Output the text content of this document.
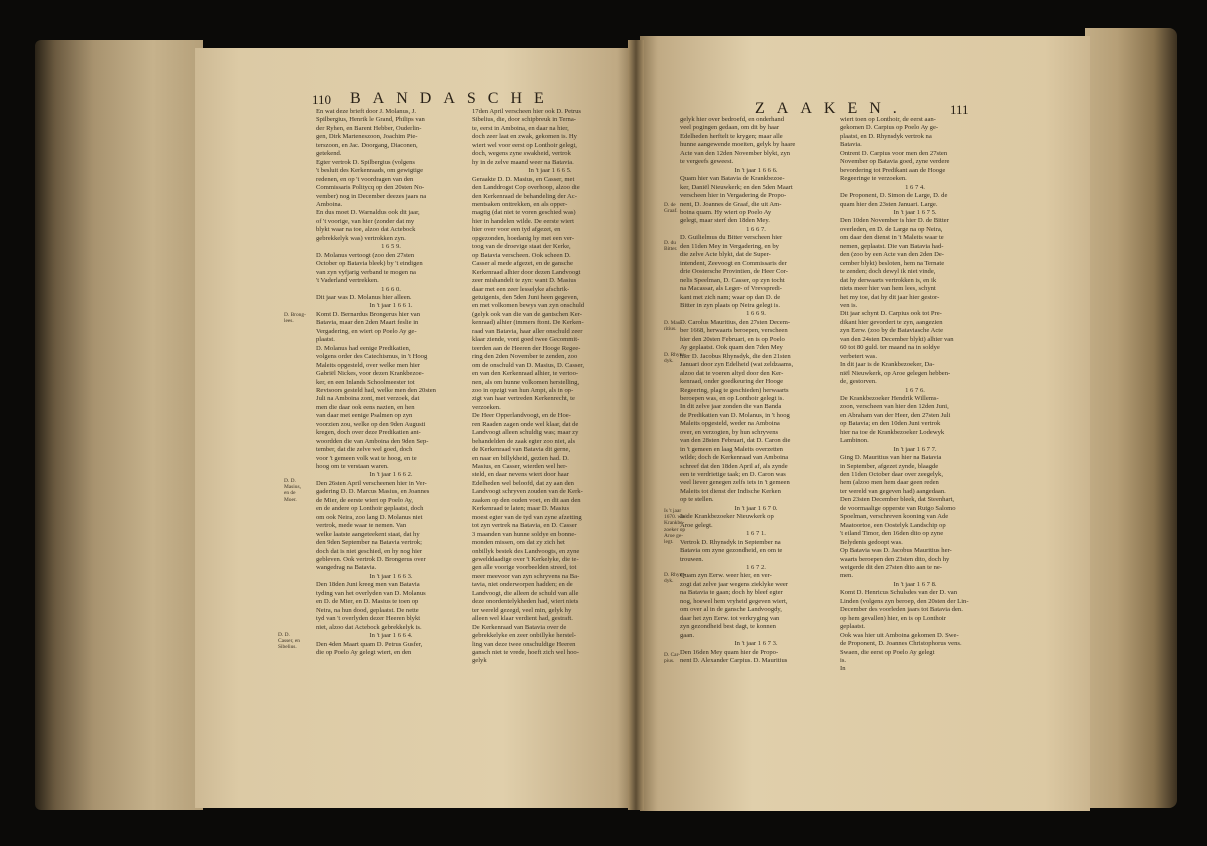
110 BANDASCHE
ZAAKEN.	111

En wat deze brieft door J. Molanus, J.

Spilbergius, Henrik le Grand, Philips van

der Ryhen, en Barent Hebber, Ouderlin-

gen, Dirk Marteneszoon, Joachim Pie-

terszoon, en Jac. Doorgang, Diaconen,

getekend.

Egter vertrok D. Spilbergius (volgens

't besluit des Kerkenraads, om gewigtige

redenen, en op 't voordragen van den

Commissaris Politycq op den 20sten No-

vember) nog in December deezes jaars na

Amboina.

En dus moet D. Warnaldus ook dit jaar,

of 't voorige, van hier (zonder dat my

blykt waar na toe, alzoo dat Actebock

gebrekkelyk was) vertrokken zyn.

1 6 5 9.

D. Molanus vertoogt (zoo den 27sten

October op Batavia bleek) by 't eindigen

van zyn vyfjarig verband te mogen na

't Vaderland vertrekken.

1 6 6 0.

Dit jaar was D. Molanus hier alleen.

In 't jaar 1 6 6 1.

Komt D. Bernardus Brongerus hier van

Batavia, maar den 2den Maart feslie in

Vergadering, en wiert op Poelo Ay ge-

plaatst.

D. Molanus had eenige Predikatien,

volgens order des Catechismus, in 't Hoog

Maleits opgesteld, over welke men hier

Gabriël Nickes, voor dezen Krankbezoe-

ker, en een Inlands Schoolmeester tot

Revisoors gesteld had, welke men den 20sten

Juli na Amboina zont, met verzoek, dat

men die daar ook eens nazien, en hen

van daar met eenige Psalmen op zyn

voorzien zou, welke op den 9den Augusti

kregen, doch over deze Predikatien ant-

woordden die van Amboina den 9den Sep-

tember, dat die zelve wel goed, doch

voor 't gemeen volk wat te hoog, en te

hoog om te verstaan waren.

In 't jaar 1 6 6 2.

Den 26sten April verscheenen hier in Ver-

gadering D. D. Marcus Masius, en Joannes

de Mier, de eerste wiert op Poelo Ay,

en de andere op Lonthoir geplaatst, doch

om ook Neira, zoo lang D. Molanus niet

vertrok, mede waar te nemen. Van

welke laatste aangeteekent staat, dat hy

den 9den September na Batavia vertrok;

doch dat is niet geschied, en hy nog hier

gebleven. Ook vertrok D. Brongerus over

wangedrag na Batavia.

In 't jaar 1 6 6 3.

Den 18den Juni kreeg men van Batavia

tyding van het overlyden van D. Molanus

en D. de Mier, en D. Masius te toen op

Neira, na hun dood, geplaatst. De nette

tyd van 't overlyden dezer Heeren blykt

niet, alzoo dat Actebock gebrekkelyk is.

In 't jaar 1 6 6 4.

Den 4den Maart quam D. Petrus Gusfer,

die op Poelo Ay gelegt wiert, en den

17den April verscheen hier ook D. Petrus

Sibelius, die, door schipbreuk in Terna-

te, eerst in Amboina, en daar na hier,

doch zeer laat en zwak, gekomen is. Hy

wiert wel voor eerst op Lonthoir gelegt,

doch, wegens zyne swakheid, vertrok

hy in de zelve maand weer na Batavia.

In 't jaar 1 6 6 5.

Geraakte D. D. Masius, en Casser, met

den Landdrogst Cop overhoop, alzoo die

den Kerkenraad de behandeling der Ac-

mentsaken onttrekken, en als opper-

magtig (dat niet te voren geschied was)

hier in handelen wilde. De eerste wiert

hier over voor een tyd afgezet, en

opgezonden, hoedanig hy met een ver-

toog van de droevige staat der Kerke,

op Batavia verscheen. Ook scheen D.

Casser al mede afgezet, en de gansche

Kerkenraad alhier door dezen Landvoogt

zeer mishandelt te zyn: want D. Masius

daar met een zeer lesselyke afschrik-

getuigenis, den 5den Juni heen gegeven,

en met volkomen bewys van zyn onschuld

(gelyk ook van die van de gantschen Ker-

kenraad) alhier (immers ftont. De Kerken-

raad van Batavia, haar aller onschuld zeer

klaar ziende, vont goed twee Gecommit-

teerden aan de Heeren der Hooge Regee-

ring den 2den November te zenden, zoo

om de onschuld van D. Masius, D. Casser,

en van den Kerkenraad alhier, te vertoo-

nen, als om hunne volkomen herstelling,

zoo in opzigt van hun Ampt, als in op-

zigt van haar vertreden Kerkenrecht, te

verzoeken.

De Heer Opperlandvoogt, en de Hoe-

ren Raaden zagen onde wel klaar, dat de

Landvoogt alleen schuldig was; maar zy

behandelden de zaak egter zoo niet, als

de Kerkenraad van Batavia dit gerne,

en naar en billykheid, gezien had. D.

Masius, en Casser, wierden wel her-

steld, en daar nevens wiert door haar

Edelheden wel beloofd, dat zy aan den

Landvoogt schryven zouden van de Kerk-

zaaken op den ouden voet, en dit aan den

Kerkenraad te laten; maar D. Masius

moest egter van de tyd van zyne afzetting

tot zyn vertrek na Batavia, en D. Casser

3 maanden van hunne soldye en bonne-

monden missen, om dat zy zich het

onbillyk bestek des Landvoogts, en zyne

gewelddaadige over 't Kerkelyke, die te-

gen alle voorige voorbeelden streed, tot

meer meevoor van zyn schryvens na Ba-

tavia, niet onderworpen hadden; en de

Landvoogt, die alleen de schuld van alle

deze onordentelykheden had, wiert niets

ter wereld gezegd, veel min, gelyk hy

alleen wel klaar verdient had, gestraft.

De Kerkenraad van Batavia over de

gebrekkelyke en zeer onbillyke herstel-

ling van deze twee onschuldige Heeren

gansch niet te vrede, hoeft zich wel hoo-

gelyk

gelyk hier over bedroefd, en onderhand

veel pogingen gedaan, om dit by haar

Edelheden herftelt te krygen; maar alle

hunne aangewende moeiten, gelyk by haare

Acte van den 12den November blykt, zyn

te vergeefs geweest.

In 't jaar 1 6 6 6.

Quam hier van Batavia de Krankbezoe-

ker, Daniël Nieuwkerk; en den 5den Maart

verscheen hier in Vergadering de Propo-

nent, D. Joannes de Graaf, die uit Am-

boina quam. Hy wiert op Poelo Ay

gelegt, maar sterf den 18den Mey.

1 6 6 7.

D. Guilielmus du Bitter verscheen hier

den 11den Mey in Vergadering, en by

die zelve Acte blykt, dat de Super-

intendent, Zeevoogt en Commissaris der

drie Oostersche Provintien, de Heer Cor-

nelis Speelman, D. Casser, op zyn tocht

na Macassar, als Leger- of Vrevspredi-

kant met zich nam; waar op dan D. de

Bitter in zyn plaats op Neira gelegt is.

1 6 6 9.

D. Carolus Mauritius, den 27sten Decem-

ber 1668, herwaarts beroepen, verscheen

hier den 20sten Februari, en is op Poelo

Ay geplaatst. Ook quam den 7den Mey

hier D. Jacobus Rhynsdyk, die den 21sten

Januari door zyn Edelheid (wat zeldzaams,

alzoo dat te voeren altyd door den Ker-

kenraad, onder goedkeuring der Hooge

Regeering, plag te geschieden) herwaarts

beroepen was, en op Lonthoir gelegt is.

In dit zelve jaar zonden die van Banda

de Predikatien van D. Molanus, in 't hoog

Maleits opgesteld, weder na Amboina

over, en verzogten, by hun schryvens

van den 28sten Februari, dat D. Caron die

in 't gemeen en laag Maleits overzetten

wilde; doch de Kerkenraad van Amboina

schreef dat den 18den April af, als zynde

een te verdrietige taak; en D. Caron was

veel liever genegen zelfs iets in 't gemeen

Maleits tot dienst der Indische Kerken

op te stellen.

In 't jaar 1 6 7 0.

Is de Krankbezoeker Nieuwkerk op

Aroe gelegt.

1 6 7 1.

Vertrok D. Rhynsdyk in September na

Batavia om zyne gezondheid, en om te

trouwen.

1 6 7 2.

Quam zyn Eerw. weer hier, en ver-

zogt dat zelve jaar wegens zieklyke weer

na Batavia te gaan; doch hy bleef egter

nog, hoewel hem vryheid gegeven wiert,

om over al in de gansche Landvoogdy,

daar het zyn Eerw. tot verkryging van

zyn gezondheid best dagt, te konnen

gaan.

In 't jaar 1 6 7 3.

Den 16den Mey quam hier de Propo-

nent D. Alexander Carpius. D. Mauritius

wiert toen op Lonthoir, de eerst aan-

gekomen D. Carpius op Poelo Ay ge-

plaatst, en D. Rhynsdyk vertrok na

Batavia.

Ontrent D. Carpius voor men den 27sten

November op Batavia goed, zyne verdere

bevordering tot Predikant aan de Hooge

Regeeringe te verzoeken.

1 6 7 4.

De Proponent, D. Simon de Large, D. de

quam hier den 23sten Januari. Large.

In 't jaar 1 6 7 5.

Den 10den November is hier D. de Bitter

overleden, en D. de Large na op Neira,

om daar den dienst in 't Maleits waar te

nemen, geplaatst. Die van Batavia had-

den (zoo by een Acte van den 2den De-

cember blykt) besloten, hem na Ternate

te zenden; doch dewyl ik niet vinde,

dat hy derwaarts vertrokken is, en ik

niets meer hier van hem lees, schynt

het my toe, dat hy dit jaar hier gestor-

ven is.

Dit jaar schynt D. Carpius ook tot Pre-

dikant hier gevordert te zyn, aangezien

zyn Eerw. (zoo by de Bataviasche Acte

van den 24sten December blykt) alhier van

60 tot 80 guld. ter maand na in soldye

verbetert was.

In dit jaar is de Krankbezoeker, Da-

niël Nieuwkerk, op Aroe gelegen hebben-

de, gestorven.

1 6 7 6.

De Krankbezoeker Hendrik Willems-

zoon, verscheen van hier den 12den Juni,

en Abraham van der Heer, den 27sten Juli

op Batavia; en den 10den Juni vertrok

hier na toe de Krankbezoeker Lodewyk

Lambinon.

In 't jaar 1 6 7 7.

Ging D. Mauritius van hier na Batavia

in September, afgezet zynde, blaagde

den 11den October daar over zeegelyk,

hem (alzoo men hem daar geen reden

ter wereld van gegeven had) aangedaan.

Den 23sten December bleek, dat Steenhart,

de voormaalige opperste van Rutgo Salomo

Spoelman, verschreven kooning van Ade

Maatoortoe, een Oostelyk Landschip op

't eiland Timor, den 16den dito op zyne

Belydenis gedoopt was.

Op Batavia was D. Jacobus Mauritius her-

waarts beroepen den 23sten dito, doch hy

weigerde dit den 27sten dito aan te ne-

men.

In 't jaar 1 6 7 8.

Komt D. Henricus Schulsdes van der D. van

Linden (volgens zyn beroep, den 20sten der Lin-

December des voorleden jaars tot Batavia den.

op hem gevallen) hier, en is op Lonthoir

geplaatst.

Ook was hier uit Amboina gekomen D. Swe-

de Proponent, D. Joannes Christophorus vens.

Swaen, die eerst op Poelo Ay gelegt

is.

In

D. Brong-
lees.
D. D.
Masius,
en de
Moer.
D. D.
Casser, en
Sibelius.
D. de
Graaf.
D. du
Bitter.
D. Mau-
ritius.
D. Rhyns-
dyk.
Is 't jaar
1670. wiel
Krankbe-
zoeker op
Aroe ge-
legt.
D. Rhyns-
dyk.
D. Car-
pius.
